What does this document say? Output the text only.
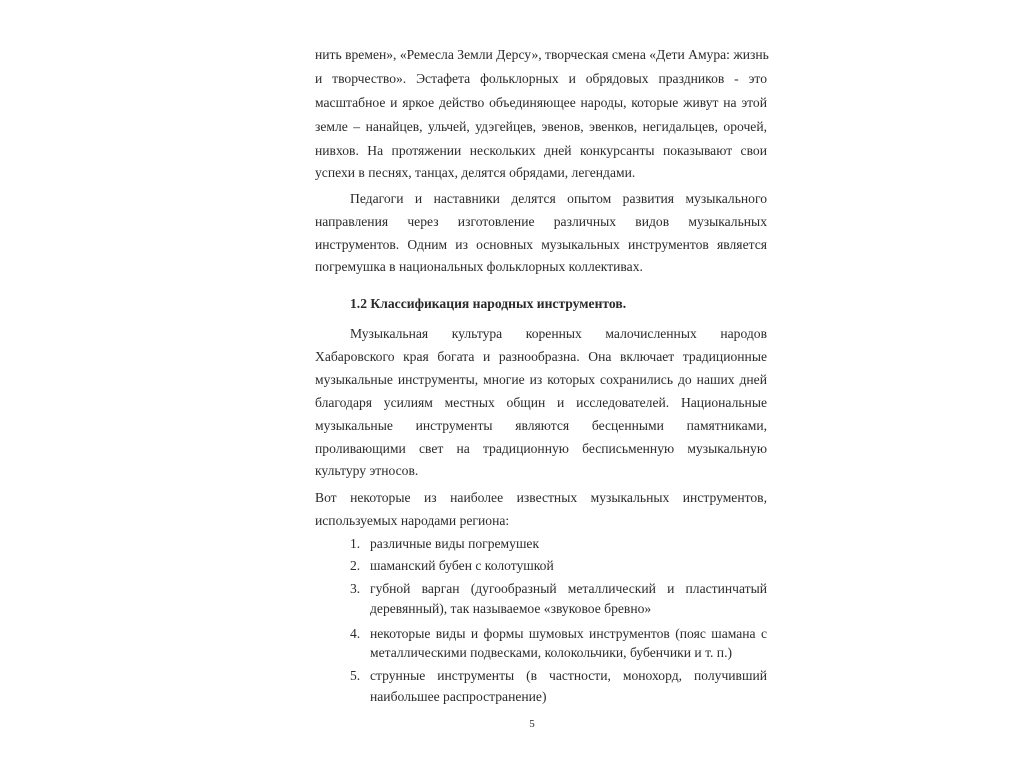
нить времен», «Ремесла Земли Дерсу», творческая смена «Дети Амура: жизнь

и творчество». Эстафета фольклорных и обрядовых праздников - это

масштабное и яркое действо объединяющее народы, которые живут на этой

земле – нанайцев, ульчей, удэгейцев, эвенов, эвенков, негидальцев, орочей,

нивхов. На протяжении нескольких дней конкурсанты показывают свои

успехи в песнях, танцах, делятся обрядами, легендами.

Педагоги и наставники делятся опытом развития музыкального

направления через изготовление различных видов музыкальных

инструментов. Одним из основных музыкальных инструментов является

погремушка в национальных фольклорных коллективах.

1.2 Классификация народных инструментов.

Музыкальная культура коренных малочисленных народов

Хабаровского края богата и разнообразна. Она включает традиционные

музыкальные инструменты, многие из которых сохранились до наших дней

благодаря усилиям местных общин и исследователей. Национальные

музыкальные инструменты являются бесценными памятниками,

проливающими свет на традиционную бесписьменную музыкальную

культуру этносов.

Вот некоторые из наиболее известных музыкальных инструментов,

используемых народами региона:

1. различные виды погремушек
2. шаманский бубен с колотушкой
3. губной варган (дугообразный металлический и пластинчатый
деревянный), так называемое «звуковое бревно»
4. некоторые виды и формы шумовых инструментов (пояс шамана с
металлическими подвесками, колокольчики, бубенчики и т. п.)
5. струнные инструменты (в частности, монохорд, получивший
наибольшее распространение)
5
